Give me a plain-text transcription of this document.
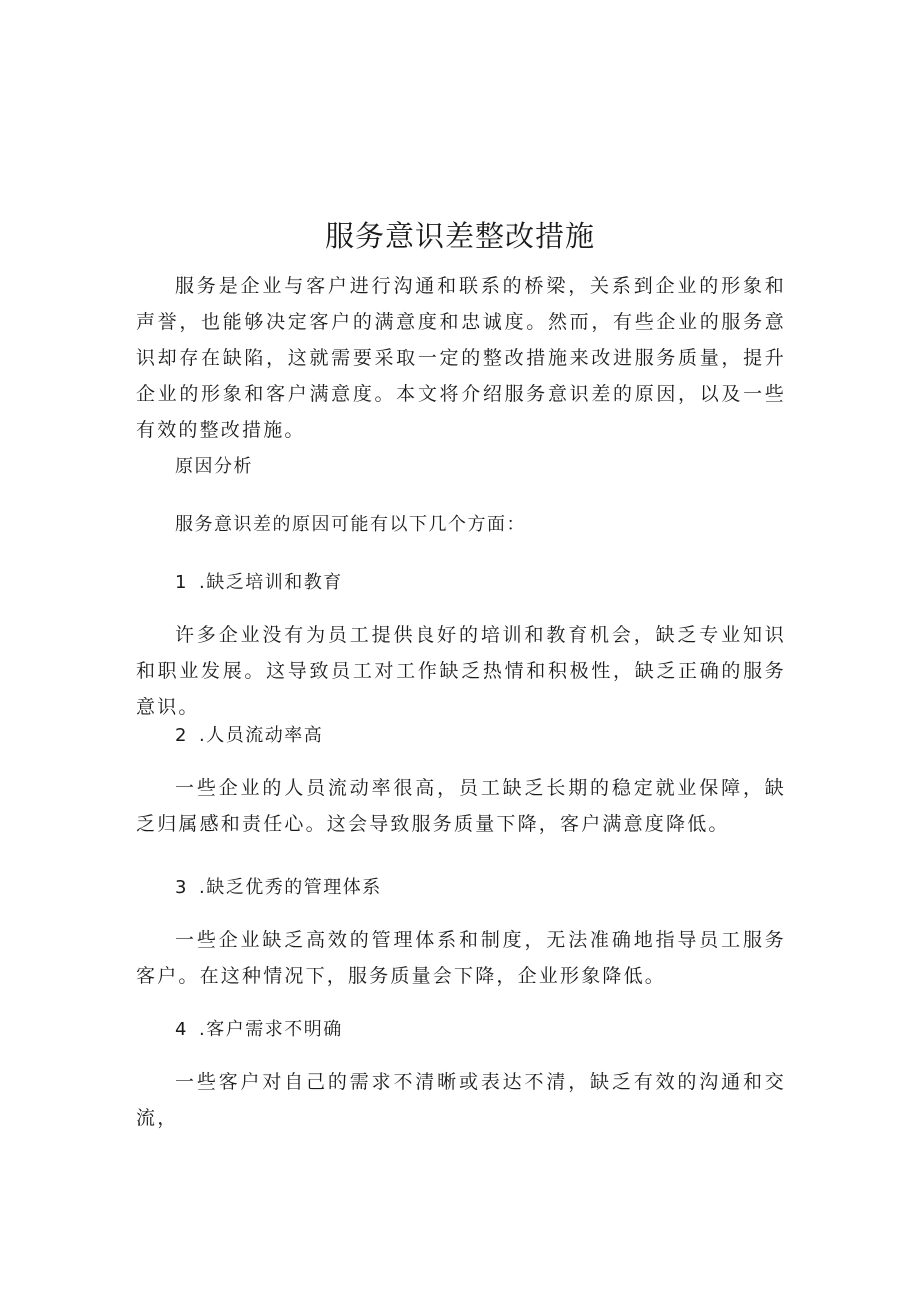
服务意识差整改措施

服务是企业与客户进行沟通和联系的桥梁，关系到企业的形象和声誉，也能够决定客户的满意度和忠诚度。然而，有些企业的服务意识却存在缺陷，这就需要采取一定的整改措施来改进服务质量，提升企业的形象和客户满意度。本文将介绍服务意识差的原因，以及一些有效的整改措施。

原因分析

服务意识差的原因可能有以下几个方面：

1 .缺乏培训和教育

许多企业没有为员工提供良好的培训和教育机会，缺乏专业知识和职业发展。这导致员工对工作缺乏热情和积极性，缺乏正确的服务意识。

2 .人员流动率高

一些企业的人员流动率很高，员工缺乏长期的稳定就业保障，缺乏归属感和责任心。这会导致服务质量下降，客户满意度降低。

3 .缺乏优秀的管理体系

一些企业缺乏高效的管理体系和制度，无法准确地指导员工服务客户。在这种情况下，服务质量会下降，企业形象降低。

4 .客户需求不明确

一些客户对自己的需求不清晰或表达不清，缺乏有效的沟通和交流，
